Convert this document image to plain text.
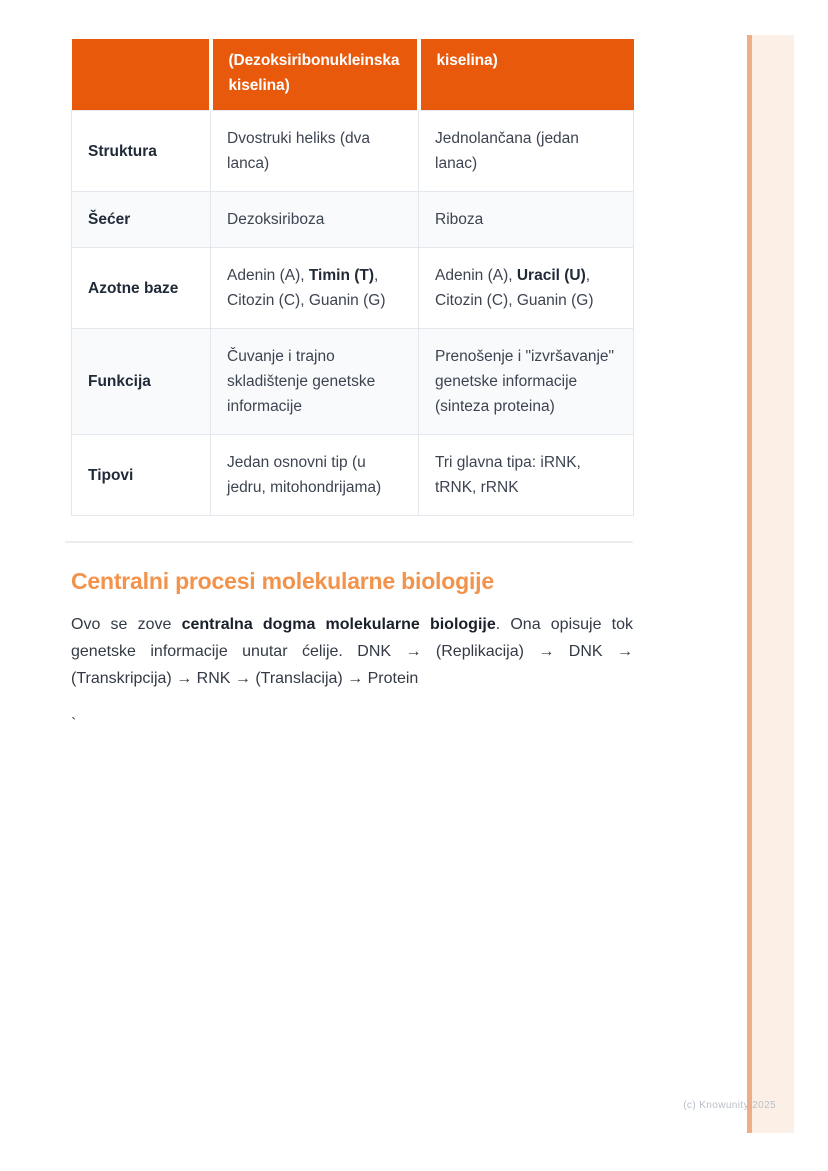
	(Dezoksiribonukleinska kiselina)	kiselina)
Struktura	Dvostruki heliks (dva lanca)	Jednolančana (jedan lanac)
Šećer	Dezoksiriboza	Riboza
Azotne baze	Adenin (A), Timin (T), Citozin (C), Guanin (G)	Adenin (A), Uracil (U), Citozin (C), Guanin (G)
Funkcija	Čuvanje i trajno skladištenje genetske informacije	Prenošenje i "izvršavanje" genetske informacije (sinteza proteina)
Tipovi	Jedan osnovni tip (u jedru, mitohondrijama)	Tri glavna tipa: iRNK, tRNK, rRNK
Centralni procesi molekularne biologije

Ovo se zove centralna dogma molekularne biologije. Ona opisuje tok genetske informacije unutar ćelije. DNK → (Replikacija) → DNK → (Transkripcija) → RNK → (Translacija) → Protein

`
(c) Knowunity 2025
